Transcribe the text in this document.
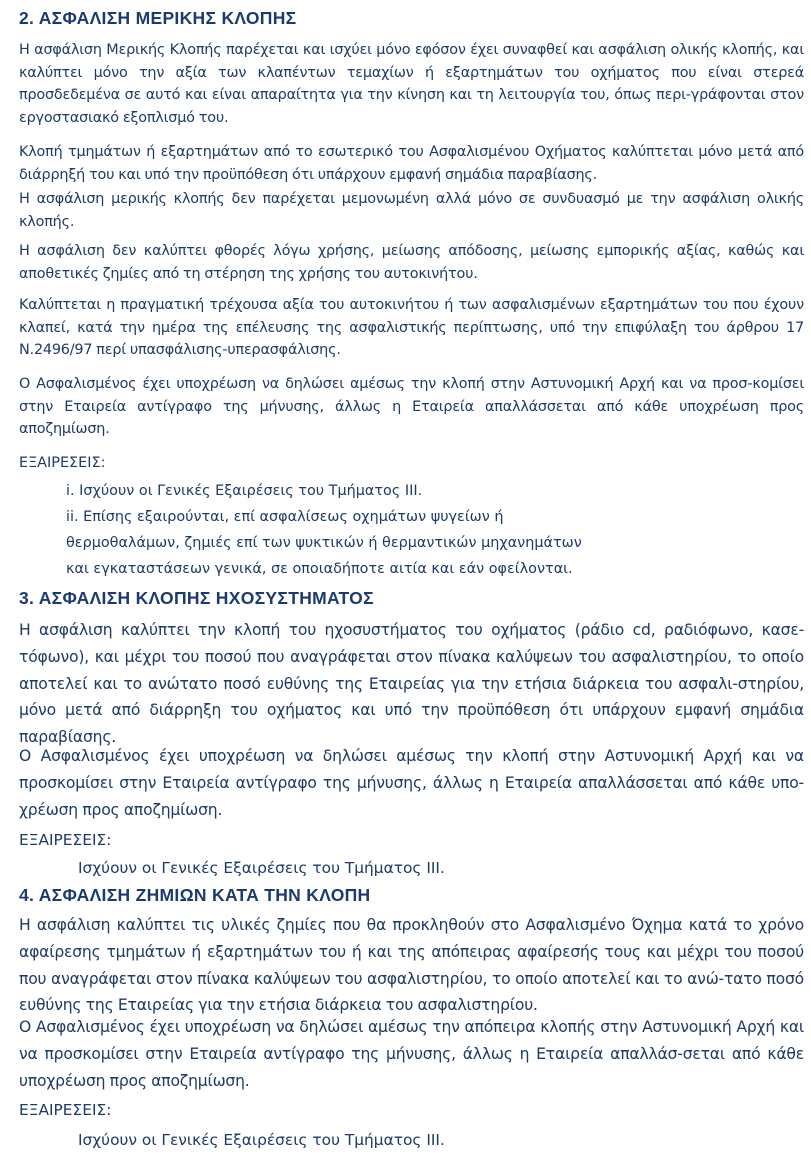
2. ΑΣΦΑΛΙΣΗ ΜΕΡΙΚΗΣ ΚΛΟΠΗΣ

Η ασφάλιση Μερικής Κλοπής παρέχεται και ισχύει μόνο εφόσον έχει συναφθεί και ασφάλιση ολικής κλοπής, και καλύπτει μόνο την αξία των κλαπέντων τεμαχίων ή εξαρτημάτων του οχήματος που είναι στερεά προσδεδεμένα σε αυτό και είναι απαραίτητα για την κίνηση και τη λειτουργία του, όπως περι-γράφονται στον εργοστασιακό εξοπλισμό του.

Κλοπή τμημάτων ή εξαρτημάτων από το εσωτερικό του Ασφαλισμένου Οχήματος καλύπτεται μόνο μετά από διάρρηξή του και υπό την προϋπόθεση ότι υπάρχουν εμφανή σημάδια παραβίασης.

Η ασφάλιση μερικής κλοπής δεν παρέχεται μεμονωμένη αλλά μόνο σε συνδυασμό με την ασφάλιση ολικής κλοπής.

Η ασφάλιση δεν καλύπτει φθορές λόγω χρήσης, μείωσης απόδοσης, μείωσης εμπορικής αξίας, καθώς και αποθετικές ζημίες από τη στέρηση της χρήσης του αυτοκινήτου.

Καλύπτεται η πραγματική τρέχουσα αξία του αυτοκινήτου ή των ασφαλισμένων εξαρτημάτων του που έχουν κλαπεί, κατά την ημέρα της επέλευσης της ασφαλιστικής περίπτωσης, υπό την επιφύλαξη του άρθρου 17 Ν.2496/97 περί υπασφάλισης-υπερασφάλισης.

Ο Ασφαλισμένος έχει υποχρέωση να δηλώσει αμέσως την κλοπή στην Αστυνομική Αρχή και να προσ-κομίσει στην Εταιρεία αντίγραφο της μήνυσης, άλλως η Εταιρεία απαλλάσσεται από κάθε υποχρέωση προς αποζημίωση.

ΕΞΑΙΡΕΣΕΙΣ:

i. Ισχύουν οι Γενικές Εξαιρέσεις του Τμήματος ΙΙΙ.

ii. Επίσης εξαιρούνται, επί ασφαλίσεως οχημάτων ψυγείων ή

θερμοθαλάμων, ζημιές επί των ψυκτικών ή θερμαντικών μηχανημάτων

και εγκαταστάσεων γενικά, σε οποιαδήποτε αιτία και εάν οφείλονται.

3. ΑΣΦΑΛΙΣΗ ΚΛΟΠΗΣ ΗΧΟΣΥΣΤΗΜΑΤΟΣ

Η ασφάλιση καλύπτει την κλοπή του ηχοσυστήματος του οχήματος (ράδιο cd, ραδιόφωνο, κασε-τόφωνο), και μέχρι του ποσού που αναγράφεται στον πίνακα καλύψεων του ασφαλιστηρίου, το οποίο αποτελεί και το ανώτατο ποσό ευθύνης της Εταιρείας για την ετήσια διάρκεια του ασφαλι-στηρίου, μόνο μετά από διάρρηξη του οχήματος και υπό την προϋπόθεση ότι υπάρχουν εμφανή σημάδια παραβίασης.

Ο Ασφαλισμένος έχει υποχρέωση να δηλώσει αμέσως την κλοπή στην Αστυνομική Αρχή και να προσκομίσει στην Εταιρεία αντίγραφο της μήνυσης, άλλως η Εταιρεία απαλλάσσεται από κάθε υπο-χρέωση προς αποζημίωση.

ΕΞΑΙΡΕΣΕΙΣ:

Ισχύουν οι Γενικές Εξαιρέσεις του Τμήματος ΙΙΙ.

4. ΑΣΦΑΛΙΣΗ ΖΗΜΙΩΝ ΚΑΤΑ ΤΗΝ ΚΛΟΠΗ

Η ασφάλιση καλύπτει τις υλικές ζημίες που θα προκληθούν στο Ασφαλισμένο Όχημα κατά το χρόνο αφαίρεσης τμημάτων ή εξαρτημάτων του ή και της απόπειρας αφαίρεσής τους και μέχρι του ποσού που αναγράφεται στον πίνακα καλύψεων του ασφαλιστηρίου, το οποίο αποτελεί και το ανώ-τατο ποσό ευθύνης της Εταιρείας για την ετήσια διάρκεια του ασφαλιστηρίου.

Ο Ασφαλισμένος έχει υποχρέωση να δηλώσει αμέσως την απόπειρα κλοπής στην Αστυνομική Αρχή και να προσκομίσει στην Εταιρεία αντίγραφο της μήνυσης, άλλως η Εταιρεία απαλλάσ-σεται από κάθε υποχρέωση προς αποζημίωση.

ΕΞΑΙΡΕΣΕΙΣ:

Ισχύουν οι Γενικές Εξαιρέσεις του Τμήματος ΙΙΙ.
